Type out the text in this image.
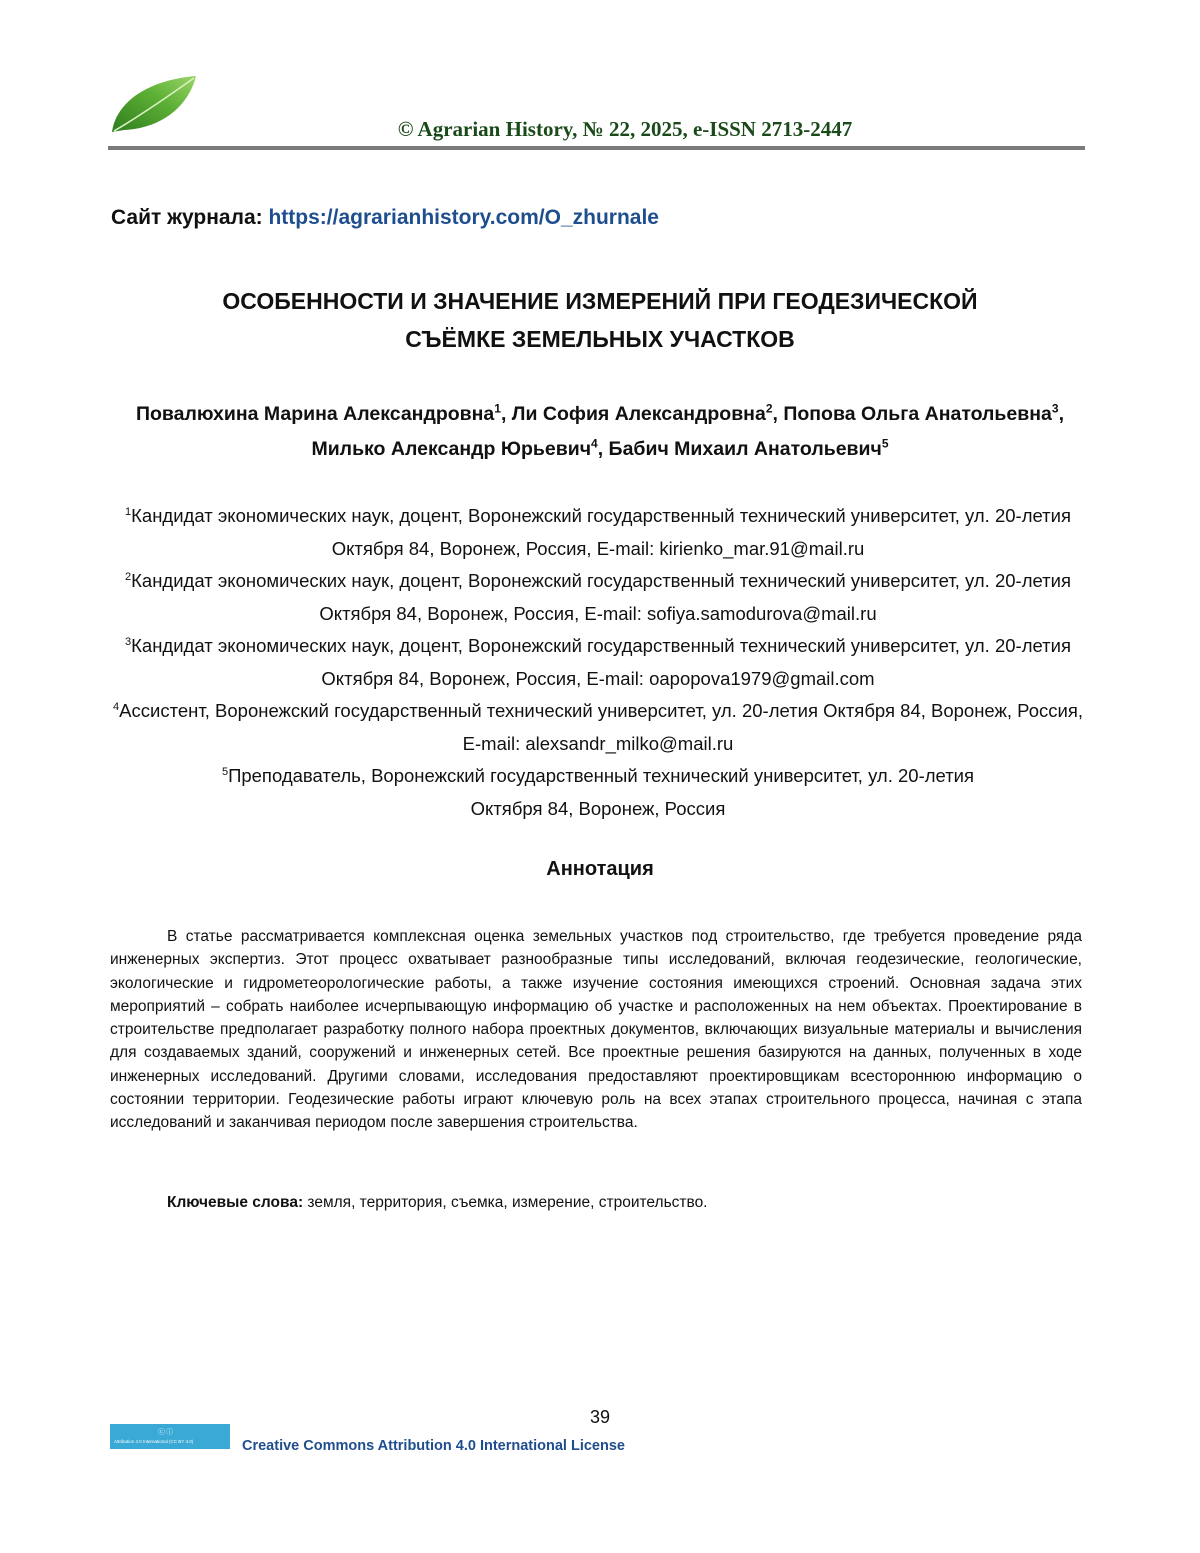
© Agrarian History, № 22, 2025, e-ISSN 2713-2447
Сайт журнала: https://agrarianhistory.com/O_zhurnale
ОСОБЕННОСТИ И ЗНАЧЕНИЕ ИЗМЕРЕНИЙ ПРИ ГЕОДЕЗИЧЕСКОЙ
СЪЁМКЕ ЗЕМЕЛЬНЫХ УЧАСТКОВ
Повалюхина Марина Александровна$^1$, Ли София Александровна$^2$, Попова Ольга Анатольевна$^3$, Милько Александр Юрьевич$^4$, Бабич Михаил Анатольевич$^5$
$^1$Кандидат экономических наук, доцент, Воронежский государственный технический университет, ул. 20-летия Октября 84, Воронеж, Россия, E-mail: kirienko_mar.91@mail.ru
$^2$Кандидат экономических наук, доцент, Воронежский государственный технический университет, ул. 20-летия Октября 84, Воронеж, Россия, E-mail: sofiya.samodurova@mail.ru
$^3$Кандидат экономических наук, доцент, Воронежский государственный технический университет, ул. 20-летия Октября 84, Воронеж, Россия, E-mail: oapopova1979@gmail.com
$^4$Ассистент, Воронежский государственный технический университет, ул. 20-летия Октября 84, Воронеж, Россия, E-mail: alexsandr_milko@mail.ru
$^5$Преподаватель, Воронежский государственный технический университет, ул. 20-летия Октября 84, Воронеж, Россия
Аннотация

В статье рассматривается комплексная оценка земельных участков под строительство, где требуется проведение ряда инженерных экспертиз. Этот процесс охватывает разнообразные типы исследований, включая геодезические, геологические, экологические и гидрометеорологические работы, а также изучение состояния имеющихся строений. Основная задача этих мероприятий – собрать наиболее исчерпывающую информацию об участке и расположенных на нем объектах. Проектирование в строительстве предполагает разработку полного набора проектных документов, включающих визуальные материалы и вычисления для создаваемых зданий, сооружений и инженерных сетей. Все проектные решения базируются на данных, полученных в ходе инженерных исследований. Другими словами, исследования предоставляют проектировщикам всестороннюю информацию о состоянии территории. Геодезические работы играют ключевую роль на всех этапах строительного процесса, начиная с этапа исследований и заканчивая периодом после завершения строительства.

Ключевые слова: земля, территория, съемка, измерение, строительство.
39
ⓒⓘ
Attribution 4.0 International (CC BY 4.0)	Creative Commons Attribution 4.0 International License
